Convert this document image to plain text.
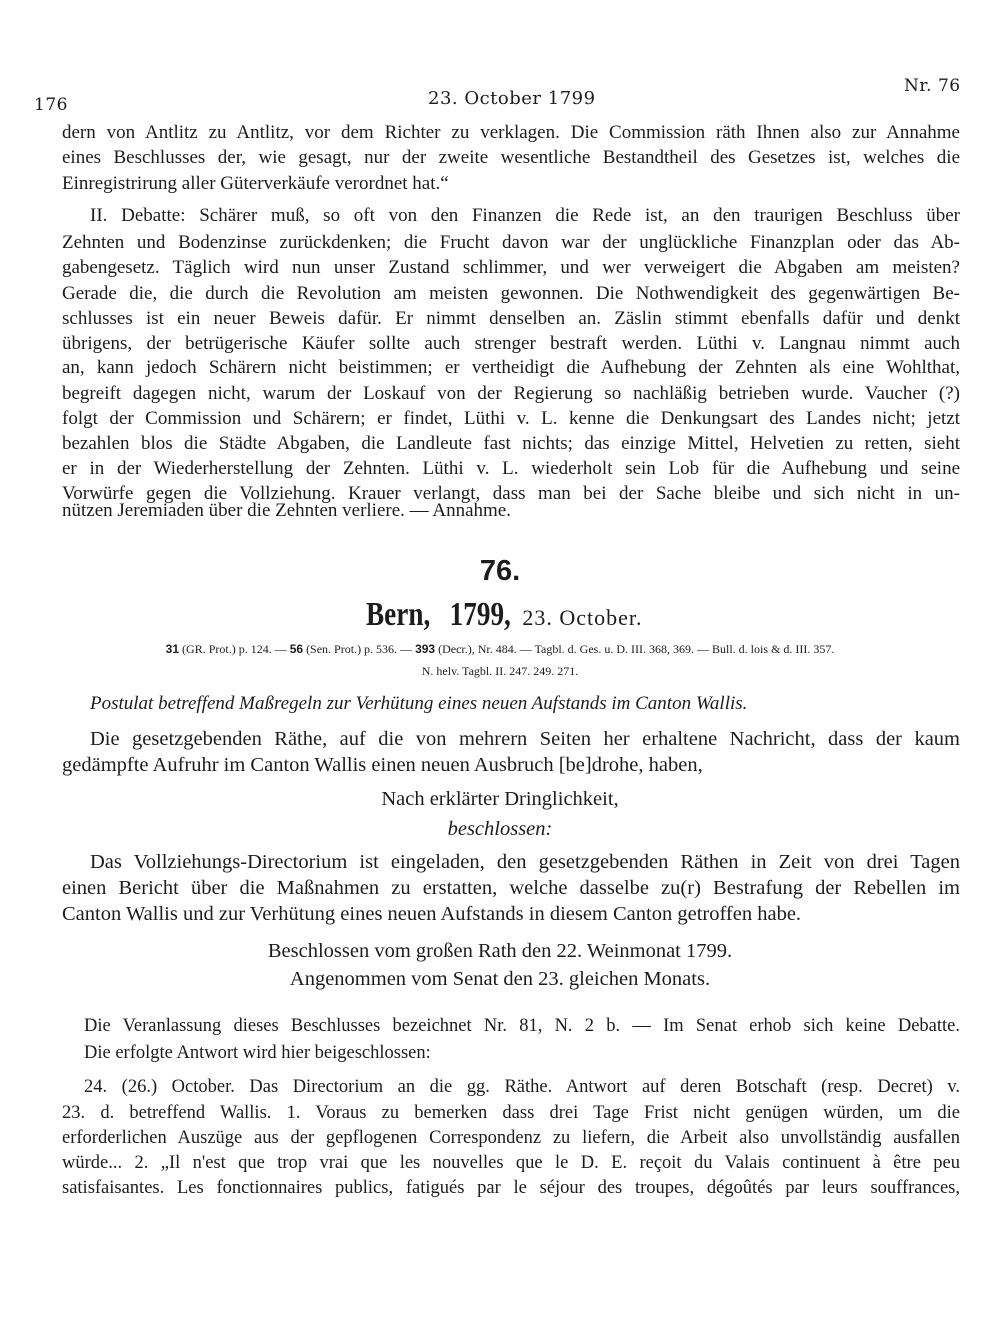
176	23. October 1799
Nr. 76
dern von Antlitz zu Antlitz, vor dem Richter zu verklagen. Die Commission räth Ihnen also zur Annahme
eines Beschlusses der, wie gesagt, nur der zweite wesentliche Bestandtheil des Gesetzes ist, welches die
Einregistrirung aller Güterverkäufe verordnet hat.“
II. Debatte: Schärer muß, so oft von den Finanzen die Rede ist, an den traurigen Beschluss über
Zehnten und Bodenzinse zurückdenken; die Frucht davon war der unglückliche Finanzplan oder das Ab-
gabengesetz. Täglich wird nun unser Zustand schlimmer, und wer verweigert die Abgaben am meisten?
Gerade die, die durch die Revolution am meisten gewonnen. Die Nothwendigkeit des gegenwärtigen Be-
schlusses ist ein neuer Beweis dafür. Er nimmt denselben an. Zäslin stimmt ebenfalls dafür und denkt
übrigens, der betrügerische Käufer sollte auch strenger bestraft werden. Lüthi v. Langnau nimmt auch
an, kann jedoch Schärern nicht beistimmen; er vertheidigt die Aufhebung der Zehnten als eine Wohlthat,
begreift dagegen nicht, warum der Loskauf von der Regierung so nachläßig betrieben wurde. Vaucher (?)
folgt der Commission und Schärern; er findet, Lüthi v. L. kenne die Denkungsart des Landes nicht; jetzt
bezahlen blos die Städte Abgaben, die Landleute fast nichts; das einzige Mittel, Helvetien zu retten, sieht
er in der Wiederherstellung der Zehnten. Lüthi v. L. wiederholt sein Lob für die Aufhebung und seine
Vorwürfe gegen die Vollziehung. Krauer verlangt, dass man bei der Sache bleibe und sich nicht in un-
nützen Jeremiaden über die Zehnten verliere. — Annahme.
76.
Bern, 1799, 23. October.
31 (GR. Prot.) p. 124. — 56 (Sen. Prot.) p. 536. — 393 (Decr.), Nr. 484. — Tagbl. d. Ges. u. D. III. 368, 369. — Bull. d. lois & d. III. 357.
N. helv. Tagbl. II. 247. 249. 271.
Postulat betreffend Maßregeln zur Verhütung eines neuen Aufstands im Canton Wallis.
Die gesetzgebenden Räthe, auf die von mehrern Seiten her erhaltene Nachricht, dass der kaum
gedämpfte Aufruhr im Canton Wallis einen neuen Ausbruch [be]drohe, haben,
Nach erklärter Dringlichkeit,
beschlossen:
Das Vollziehungs-Directorium ist eingeladen, den gesetzgebenden Räthen in Zeit von drei Tagen
einen Bericht über die Maßnahmen zu erstatten, welche dasselbe zu(r) Bestrafung der Rebellen im
Canton Wallis und zur Verhütung eines neuen Aufstands in diesem Canton getroffen habe.
Beschlossen vom großen Rath den 22. Weinmonat 1799.
Angenommen vom Senat den 23. gleichen Monats.
Die Veranlassung dieses Beschlusses bezeichnet Nr. 81, N. 2 b. — Im Senat erhob sich keine Debatte.
Die erfolgte Antwort wird hier beigeschlossen:
24. (26.) October. Das Directorium an die gg. Räthe. Antwort auf deren Botschaft (resp. Decret) v.
23. d. betreffend Wallis. 1. Voraus zu bemerken dass drei Tage Frist nicht genügen würden, um die
erforderlichen Auszüge aus der gepflogenen Correspondenz zu liefern, die Arbeit also unvollständig ausfallen
würde... 2. „Il n'est que trop vrai que les nouvelles que le D. E. reçoit du Valais continuent à être peu
satisfaisantes. Les fonctionnaires publics, fatigués par le séjour des troupes, dégoûtés par leurs souffrances,
